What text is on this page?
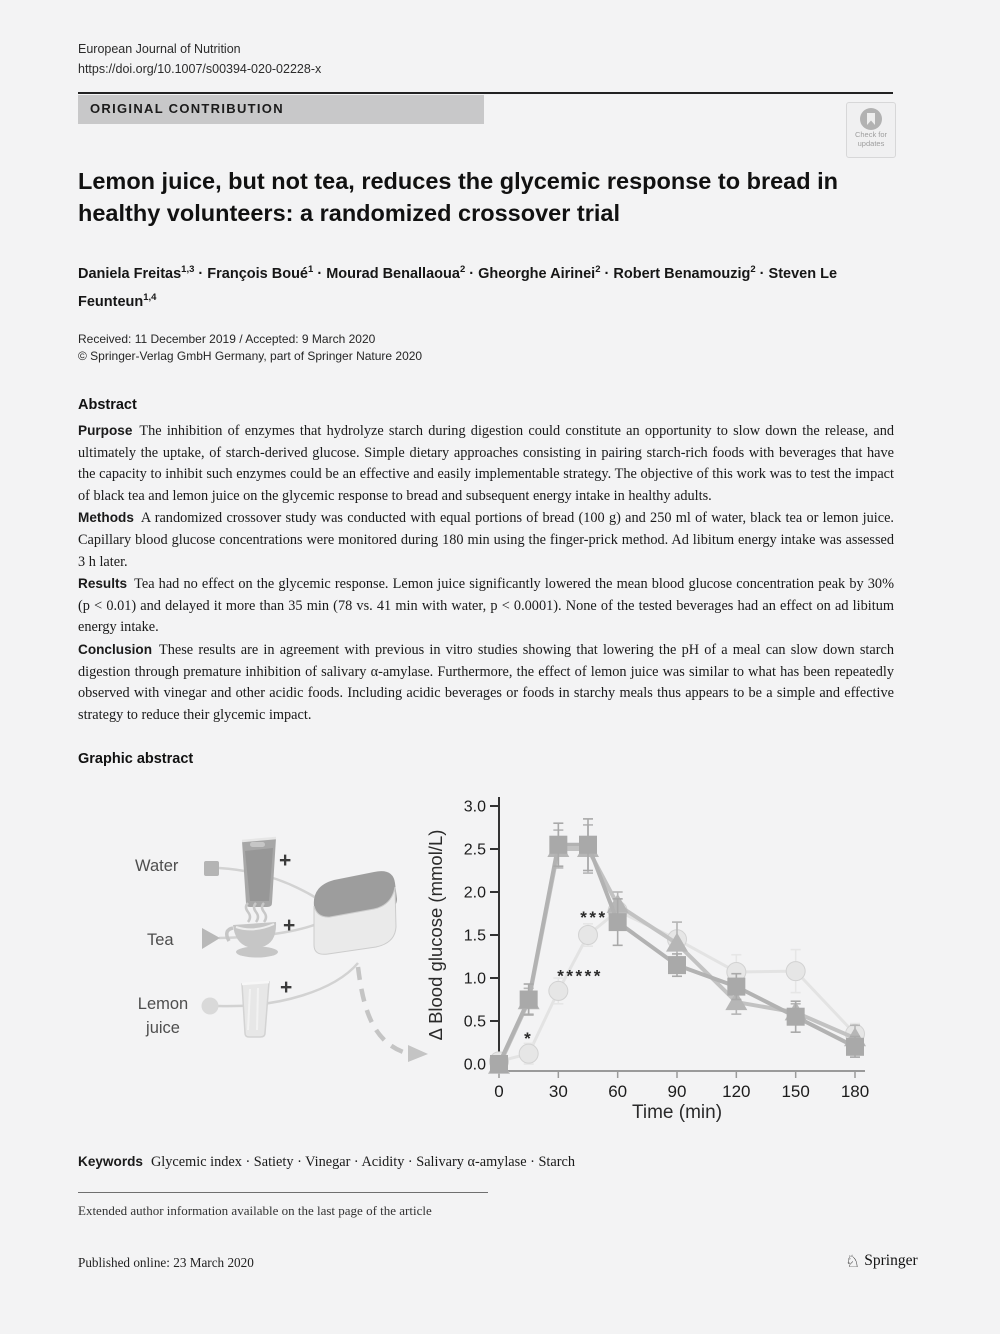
European Journal of Nutrition
https://doi.org/10.1007/s00394-020-02228-x
ORIGINAL CONTRIBUTION
Check for
updates
Lemon juice, but not tea, reduces the glycemic response to bread in healthy volunteers: a randomized crossover trial
Daniela Freitas$^{1,3}$ · François Boué$^1$ · Mourad Benallaoua$^2$ · Gheorghe Airinei$^2$ · Robert Benamouzig$^2$ · Steven Le Feunteun$^{1,4}$
Received: 11 December 2019 / Accepted: 9 March 2020
© Springer-Verlag GmbH Germany, part of Springer Nature 2020
Abstract

Purpose The inhibition of enzymes that hydrolyze starch during digestion could constitute an opportunity to slow down the release, and ultimately the uptake, of starch-derived glucose. Simple dietary approaches consisting in pairing starch-rich foods with beverages that have the capacity to inhibit such enzymes could be an effective and easily implementable strategy. The objective of this work was to test the impact of black tea and lemon juice on the glycemic response to bread and subsequent energy intake in healthy adults.

Methods A randomized crossover study was conducted with equal portions of bread (100 g) and 250 ml of water, black tea or lemon juice. Capillary blood glucose concentrations were monitored during 180 min using the finger-prick method. Ad libitum energy intake was assessed 3 h later.

Results Tea had no effect on the glycemic response. Lemon juice significantly lowered the mean blood glucose concentration peak by 30% (p < 0.01) and delayed it more than 35 min (78 vs. 41 min with water, p < 0.0001). None of the tested beverages had an effect on ad libitum energy intake.

Conclusion These results are in agreement with previous in vitro studies showing that lowering the pH of a meal can slow down starch digestion through premature inhibition of salivary α-amylase. Furthermore, the effect of lemon juice was similar to what has been repeatedly observed with vinegar and other acidic foods. Including acidic beverages or foods in starchy meals thus appears to be a simple and effective strategy to reduce their glycemic impact.

Graphic abstract
Water	+
Tea
+
Lemon
juice
+
0.0
0.5
1.0
1.5
2.0
2.5
3.0
0	30 60 90 120 150 180
Time (min)
Δ Blood glucose (mmol/L)	*
*****
***
Keywords Glycemic index · Satiety · Vinegar · Acidity · Salivary α-amylase · Starch
Extended author information available on the last page of the article
Published online: 23 March 2020	♘ Springer
